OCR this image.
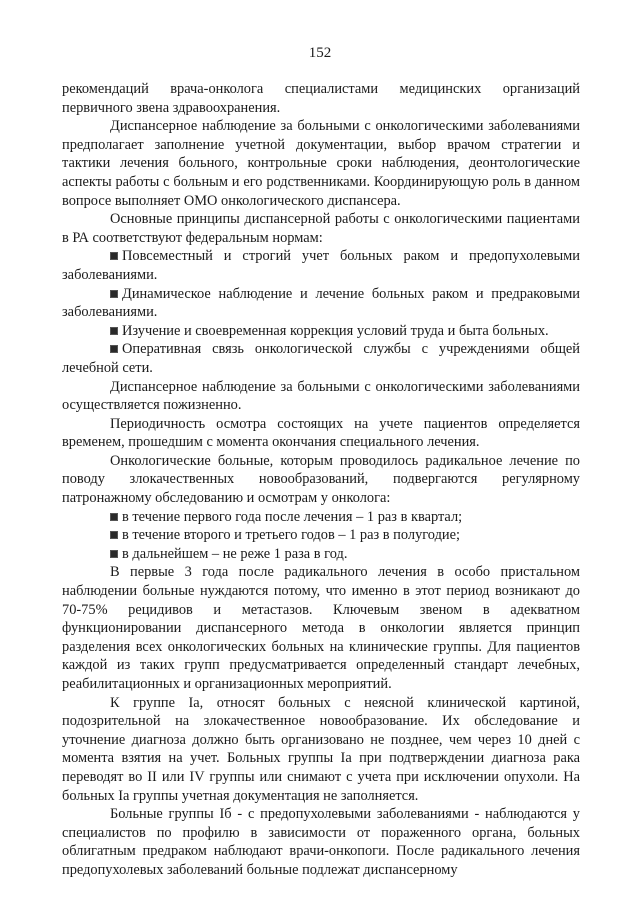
152

рекомендаций врача-онколога специалистами медицинских организаций первичного звена здравоохранения.

Диспансерное наблюдение за больными с онкологическими заболеваниями предполагает заполнение учетной документации, выбор врачом стратегии и тактики лечения больного, контрольные сроки наблюдения, деонтологические аспекты работы с больным и его родственниками. Координирующую роль в данном вопросе выполняет ОМО онкологического диспансера.

Основные принципы диспансерной работы с онкологическими пациентами в РА соответствуют федеральным нормам:

Повсеместный и строгий учет больных раком и предопухолевыми заболеваниями.

Динамическое наблюдение и лечение больных раком и предраковыми заболеваниями.

Изучение и своевременная коррекция условий труда и быта больных.

Оперативная связь онкологической службы с учреждениями общей лечебной сети.

Диспансерное наблюдение за больными с онкологическими заболеваниями осуществляется пожизненно.

Периодичность осмотра состоящих на учете пациентов определяется временем, прошедшим с момента окончания специального лечения.

Онкологические больные, которым проводилось радикальное лечение по поводу злокачественных новообразований, подвергаются регулярному патронажному обследованию и осмотрам у онколога:

в течение первого года после лечения – 1 раз в квартал;

в течение второго и третьего годов – 1 раз в полугодие;

в дальнейшем – не реже 1 раза в год.

В первые 3 года после радикального лечения в особо пристальном наблюдении больные нуждаются потому, что именно в этот период возникают до 70-75% рецидивов и метастазов. Ключевым звеном в адекватном функционировании диспансерного метода в онкологии является принцип разделения всех онкологических больных на клинические группы. Для пациентов каждой из таких групп предусматривается определенный стандарт лечебных, реабилитационных и организационных мероприятий.

К группе Ia, относят больных с неясной клинической картиной, подозрительной на злокачественное новообразование. Их обследование и уточнение диагноза должно быть организовано не позднее, чем через 10 дней с момента взятия на учет. Больных группы Ia при подтверждении диагноза рака переводят во II или IV группы или снимают с учета при исключении опухоли. На больных Ia группы учетная документация не заполняется.

Больные группы Iб - с предопухолевыми заболеваниями - наблюдаются у специалистов по профилю в зависимости от пораженного органа, больных облигатным предраком наблюдают врачи-онкопоги. После радикального лечения предопухолевых заболеваний больные подлежат диспансерному
